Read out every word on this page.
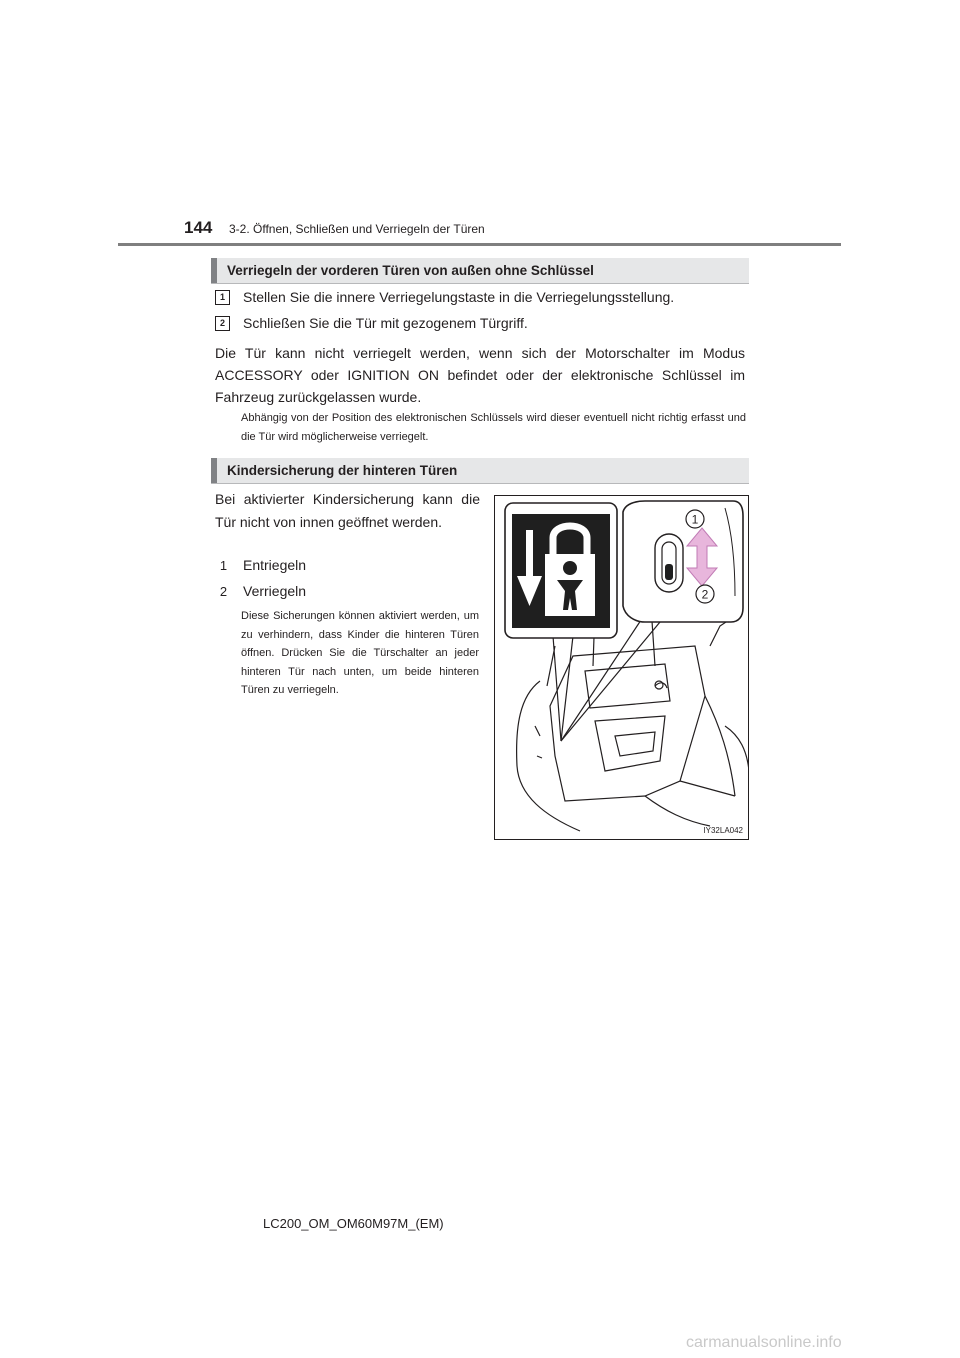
144 3-2. Öffnen, Schließen und Verriegeln der Türen
Verriegeln der vorderen Türen von außen ohne Schlüssel
1	Stellen Sie die innere Verriegelungstaste in die Verriegelungsstellung.
2	Schließen Sie die Tür mit gezogenem Türgriff.
Die Tür kann nicht verriegelt werden, wenn sich der Motorschalter im Modus ACCESSORY oder IGNITION ON befindet oder der elektronische Schlüssel im Fahrzeug zurückgelassen wurde.
Abhängig von der Position des elektronischen Schlüssels wird dieser eventuell nicht richtig erfasst und die Tür wird möglicherweise verriegelt.
Kindersicherung der hinteren Türen
Bei aktivierter Kindersicherung kann die Tür nicht von innen geöffnet werden.
1 Entriegeln
2 Verriegeln
Diese Sicherungen können aktiviert werden, um zu verhindern, dass Kinder die hinteren Türen öffnen. Drücken Sie die Türschalter an jeder hinteren Tür nach unten, um beide hinteren Türen zu verriegeln.
1
2
IY32LA042
LC200_OM_OM60M97M_(EM)
carmanualsonline.info
